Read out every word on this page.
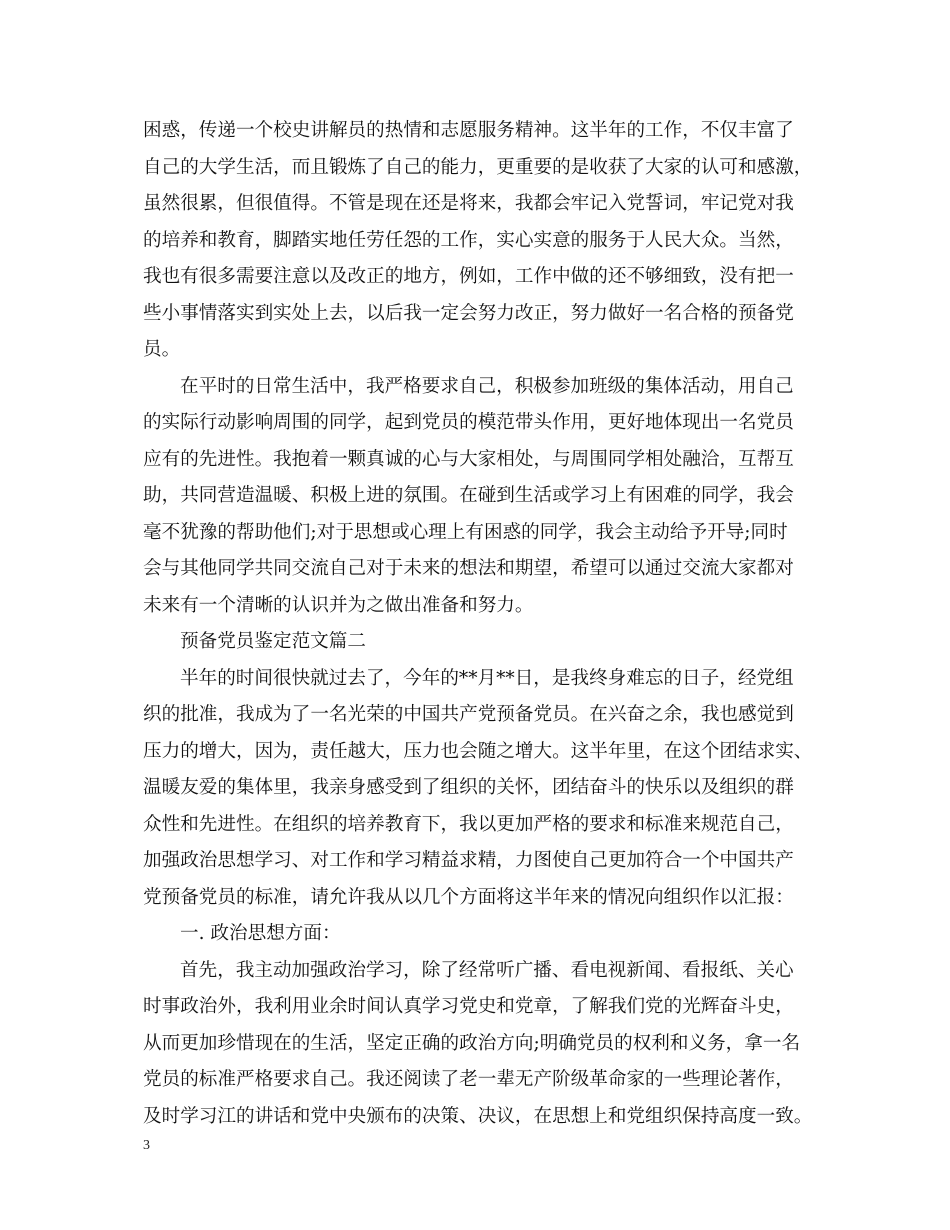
困惑，传递一个校史讲解员的热情和志愿服务精神。这半年的工作，不仅丰富了
自己的大学生活，而且锻炼了自己的能力，更重要的是收获了大家的认可和感激，
虽然很累，但很值得。不管是现在还是将来，我都会牢记入党誓词，牢记党对我
的培养和教育，脚踏实地任劳任怨的工作，实心实意的服务于人民大众。当然，
我也有很多需要注意以及改正的地方，例如，工作中做的还不够细致，没有把一
些小事情落实到实处上去，以后我一定会努力改正，努力做好一名合格的预备党
员。
在平时的日常生活中，我严格要求自己，积极参加班级的集体活动，用自己
的实际行动影响周围的同学，起到党员的模范带头作用，更好地体现出一名党员
应有的先进性。我抱着一颗真诚的心与大家相处，与周围同学相处融洽，互帮互
助，共同营造温暖、积极上进的氛围。在碰到生活或学习上有困难的同学，我会
毫不犹豫的帮助他们;对于思想或心理上有困惑的同学，我会主动给予开导;同时
会与其他同学共同交流自己对于未来的想法和期望，希望可以通过交流大家都对
未来有一个清晰的认识并为之做出准备和努力。
预备党员鉴定范文篇二
半年的时间很快就过去了，今年的**月**日，是我终身难忘的日子，经党组
织的批准，我成为了一名光荣的中国共产党预备党员。在兴奋之余，我也感觉到
压力的增大，因为，责任越大，压力也会随之增大。这半年里，在这个团结求实、
温暖友爱的集体里，我亲身感受到了组织的关怀，团结奋斗的快乐以及组织的群
众性和先进性。在组织的培养教育下，我以更加严格的要求和标准来规范自己，
加强政治思想学习、对工作和学习精益求精，力图使自己更加符合一个中国共产
党预备党员的标准，请允许我从以几个方面将这半年来的情况向组织作以汇报：
一. 政治思想方面：
首先，我主动加强政治学习，除了经常听广播、看电视新闻、看报纸、关心
时事政治外，我利用业余时间认真学习党史和党章，了解我们党的光辉奋斗史，
从而更加珍惜现在的生活，坚定正确的政治方向;明确党员的权利和义务，拿一名
党员的标准严格要求自己。我还阅读了老一辈无产阶级革命家的一些理论著作，
及时学习江的讲话和党中央颁布的决策、决议，在思想上和党组织保持高度一致。
3
